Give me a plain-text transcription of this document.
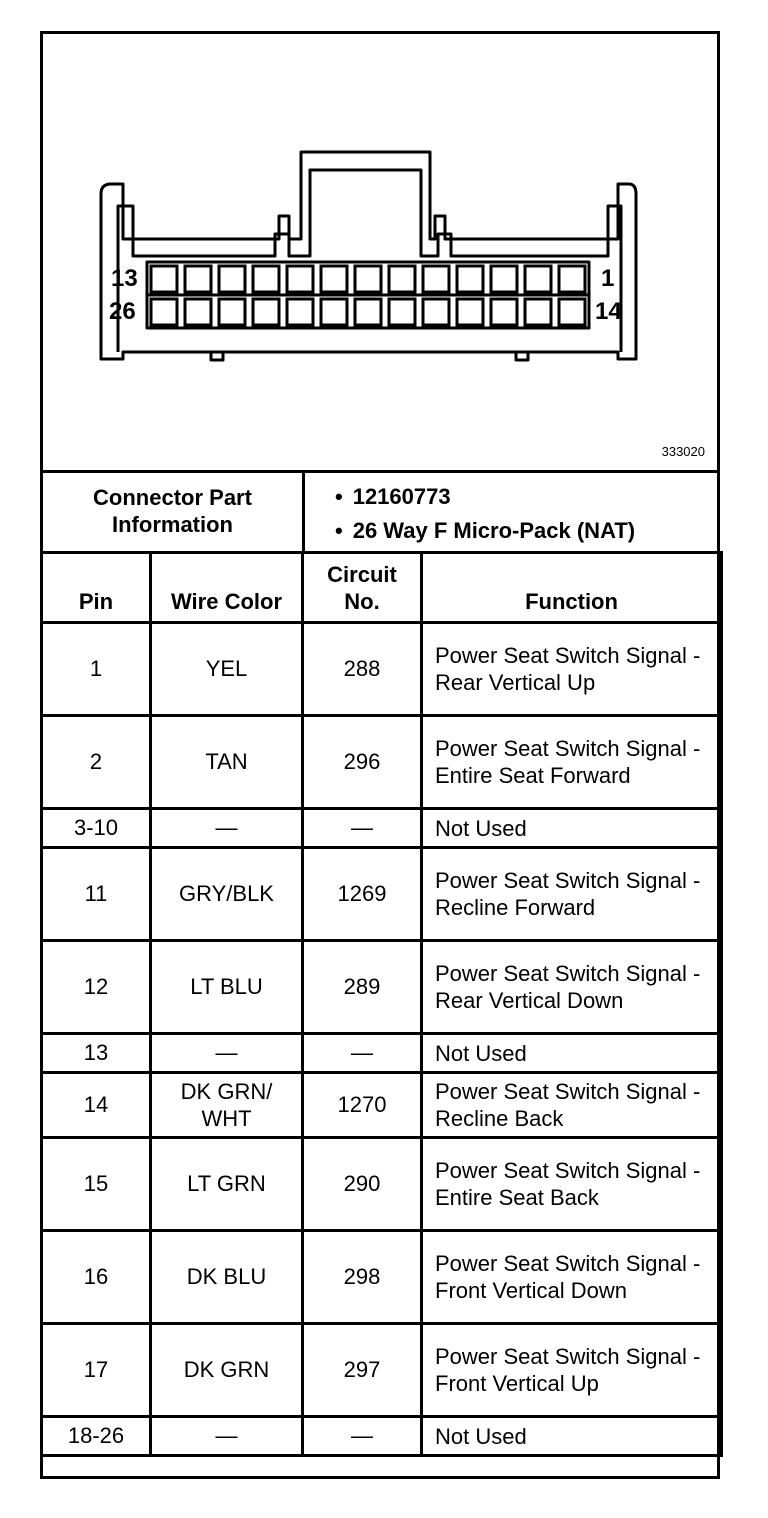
13
26
1
14
333020
Connector Part Information
• 12160773
• 26 Way F Micro-Pack (NAT)
Pin	Wire Color	Circuit No.	Function
1	YEL	288	Power Seat Switch Signal - Rear Vertical Up
2	TAN	296	Power Seat Switch Signal - Entire Seat Forward
3-10	—	—	Not Used
11	GRY/BLK	1269	Power Seat Switch Signal - Recline Forward
12	LT BLU	289	Power Seat Switch Signal - Rear Vertical Down
13	—	—	Not Used
14	DK GRN/ WHT	1270	Power Seat Switch Signal - Recline Back
15	LT GRN	290	Power Seat Switch Signal - Entire Seat Back
16	DK BLU	298	Power Seat Switch Signal - Front Vertical Down
17	DK GRN	297	Power Seat Switch Signal - Front Vertical Up
18-26	—	—	Not Used
